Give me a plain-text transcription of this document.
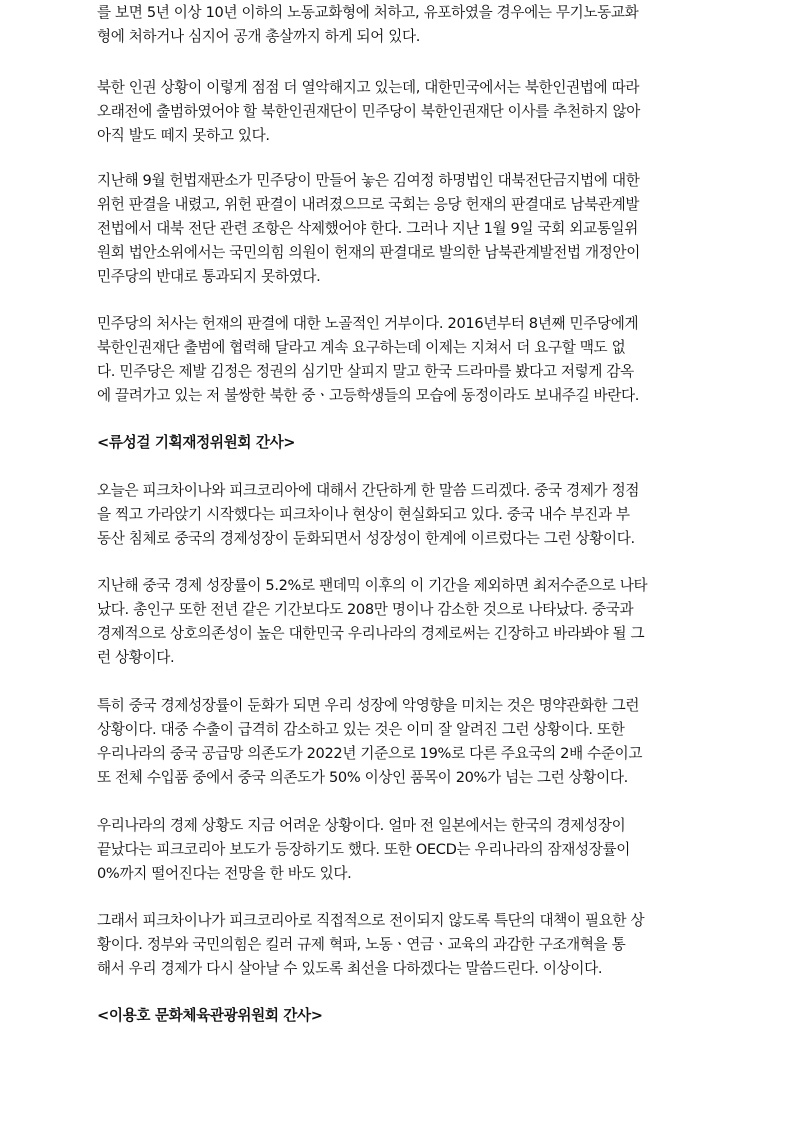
를 보면 5년 이상 10년 이하의 노동교화형에 처하고, 유포하였을 경우에는 무기노동교화
형에 처하거나 심지어 공개 총살까지 하게 되어 있다.

북한 인권 상황이 이렇게 점점 더 열악해지고 있는데, 대한민국에서는 북한인권법에 따라
오래전에 출범하였어야 할 북한인권재단이 민주당이 북한인권재단 이사를 추천하지 않아
아직 발도 떼지 못하고 있다.

지난해 9월 헌법재판소가 민주당이 만들어 놓은 김여정 하명법인 대북전단금지법에 대한
위헌 판결을 내렸고, 위헌 판결이 내려졌으므로 국회는 응당 헌재의 판결대로 남북관계발
전법에서 대북 전단 관련 조항은 삭제했어야 한다. 그러나 지난 1월 9일 국회 외교통일위
원회 법안소위에서는 국민의힘 의원이 헌재의 판결대로 발의한 남북관계발전법 개정안이
민주당의 반대로 통과되지 못하였다.

민주당의 처사는 헌재의 판결에 대한 노골적인 거부이다. 2016년부터 8년째 민주당에게
북한인권재단 출범에 협력해 달라고 계속 요구하는데 이제는 지쳐서 더 요구할 맥도 없
다. 민주당은 제발 김정은 정권의 심기만 살피지 말고 한국 드라마를 봤다고 저렇게 감옥
에 끌려가고 있는 저 불쌍한 북한 중ㆍ고등학생들의 모습에 동정이라도 보내주길 바란다.

<류성걸 기획재정위원회 간사>

오늘은 피크차이나와 피크코리아에 대해서 간단하게 한 말씀 드리겠다. 중국 경제가 정점
을 찍고 가라앉기 시작했다는 피크차이나 현상이 현실화되고 있다. 중국 내수 부진과 부
동산 침체로 중국의 경제성장이 둔화되면서 성장성이 한계에 이르렀다는 그런 상황이다.

지난해 중국 경제 성장률이 5.2%로 팬데믹 이후의 이 기간을 제외하면 최저수준으로 나타
났다. 총인구 또한 전년 같은 기간보다도 208만 명이나 감소한 것으로 나타났다. 중국과
경제적으로 상호의존성이 높은 대한민국 우리나라의 경제로써는 긴장하고 바라봐야 될 그
런 상황이다.

특히 중국 경제성장률이 둔화가 되면 우리 성장에 악영향을 미치는 것은 명약관화한 그런
상황이다. 대중 수출이 급격히 감소하고 있는 것은 이미 잘 알려진 그런 상황이다. 또한
우리나라의 중국 공급망 의존도가 2022년 기준으로 19%로 다른 주요국의 2배 수준이고
또 전체 수입품 중에서 중국 의존도가 50% 이상인 품목이 20%가 넘는 그런 상황이다.

우리나라의 경제 상황도 지금 어려운 상황이다. 얼마 전 일본에서는 한국의 경제성장이
끝났다는 피크코리아 보도가 등장하기도 했다. 또한 OECD는 우리나라의 잠재성장률이
0%까지 떨어진다는 전망을 한 바도 있다.

그래서 피크차이나가 피크코리아로 직접적으로 전이되지 않도록 특단의 대책이 필요한 상
황이다. 정부와 국민의힘은 킬러 규제 혁파, 노동ㆍ연금ㆍ교육의 과감한 구조개혁을 통
해서 우리 경제가 다시 살아날 수 있도록 최선을 다하겠다는 말씀드린다. 이상이다.

<이용호 문화체육관광위원회 간사>
